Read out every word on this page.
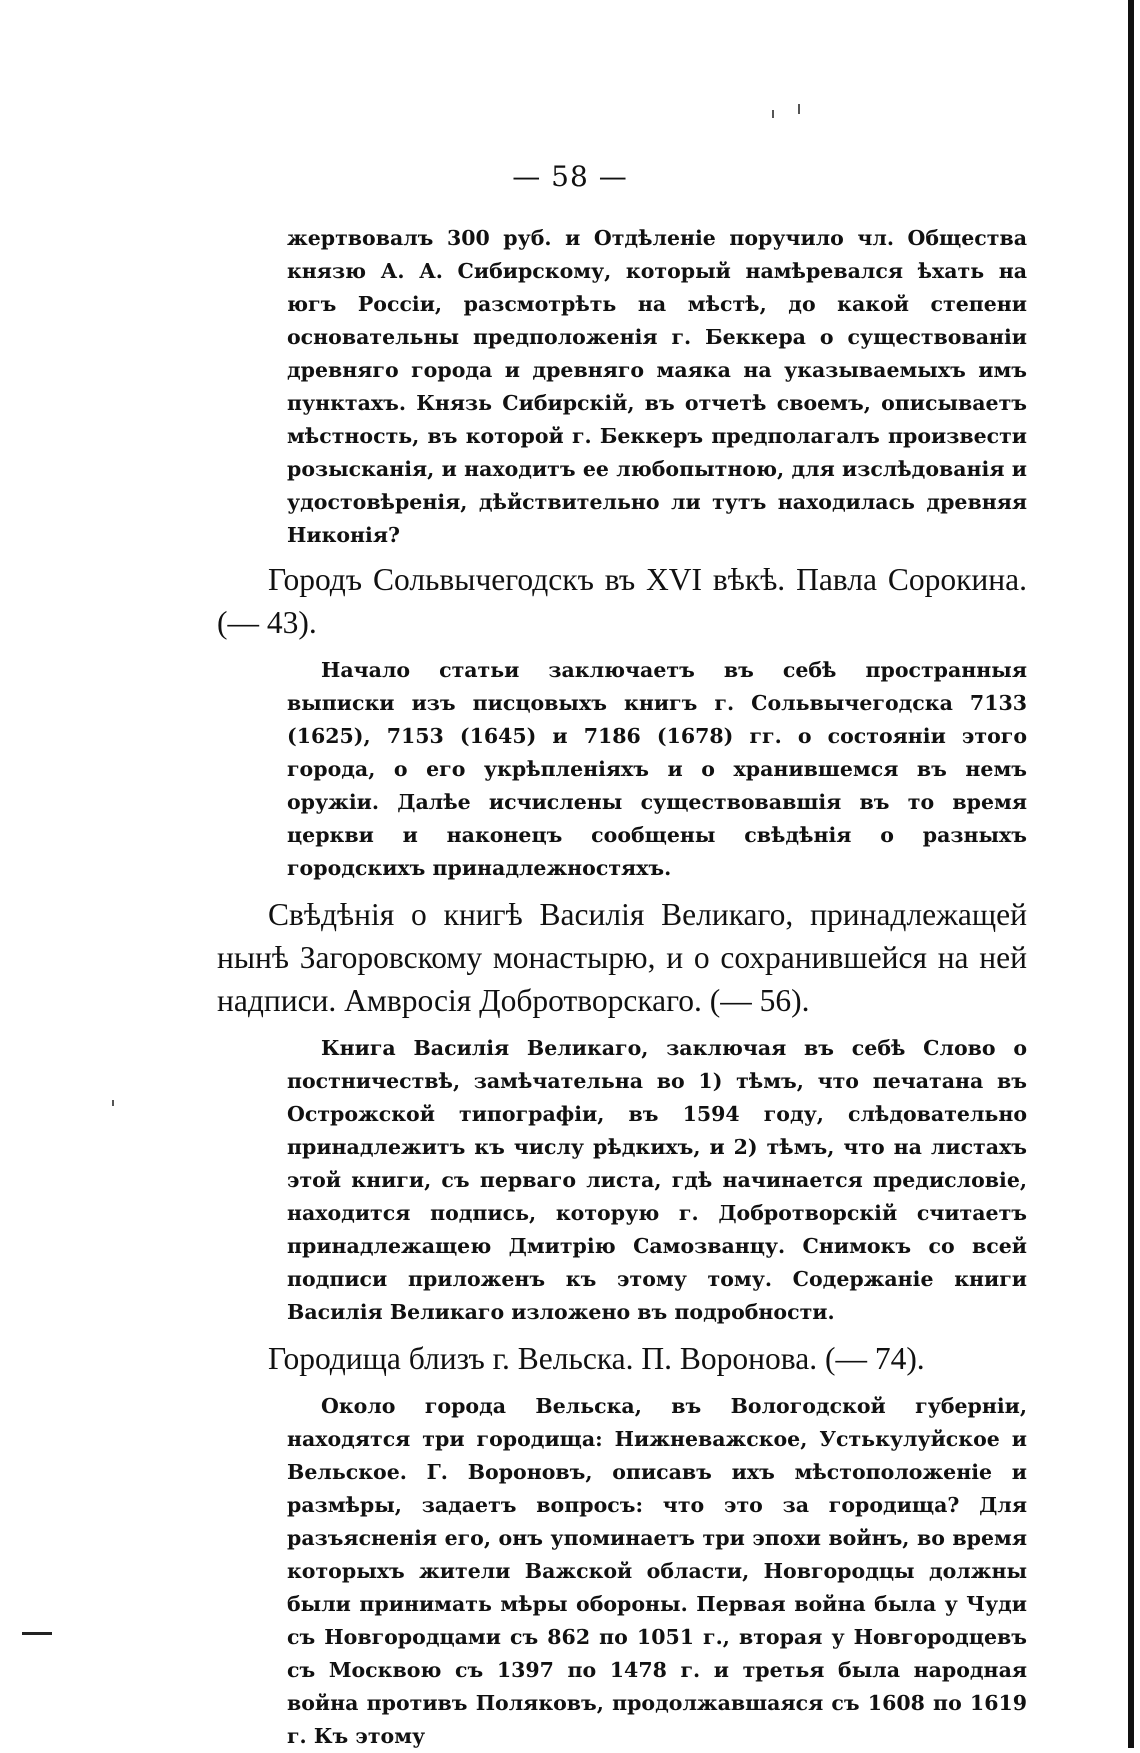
— 58 —

жертвовалъ 300 руб. и Отдѣленіе поручило чл. Общества князю А. А. Сибирскому, который намѣревался ѣхать на югъ Россіи, разсмотрѣть на мѣстѣ, до какой степени основательны предположенія г. Беккера о существованіи древняго города и древняго маяка на указываемыхъ имъ пунктахъ. Князь Сибирскій, въ отчетѣ своемъ, описываетъ мѣстность, въ которой г. Беккеръ предполагалъ произвести розысканія, и находитъ ее любопытною, для изслѣдованія и удостовѣренія, дѣйствительно ли тутъ находилась древняя Никонія?

Городъ Сольвычегодскъ въ XVI вѣкѣ. Павла Сорокина. (— 43).

Начало статьи заключаетъ въ себѣ пространныя выписки изъ писцовыхъ книгъ г. Сольвычегодска 7133 (1625), 7153 (1645) и 7186 (1678) гг. о состояніи этого города, о его укрѣпленіяхъ и о хранившемся въ немъ оружіи. Далѣе исчислены существовавшія въ то время церкви и наконецъ сообщены свѣдѣнія о разныхъ городскихъ принадлежностяхъ.

Свѣдѣнія о книгѣ Василія Великаго, принадлежащей нынѣ Загоровскому монастырю, и о сохранившейся на ней надписи. Амвросія Добротворскаго. (— 56).

Книга Василія Великаго, заключая въ себѣ Слово о постничествѣ, замѣчательна во 1) тѣмъ, что печатана въ Острожской типографіи, въ 1594 году, слѣдовательно принадлежитъ къ числу рѣдкихъ, и 2) тѣмъ, что на листахъ этой книги, съ перваго листа, гдѣ начинается предисловіе, находится подпись, которую г. Добротворскій считаетъ принадлежащею Дмитрію Самозванцу. Снимокъ со всей подписи приложенъ къ этому тому. Содержаніе книги Василія Великаго изложено въ подробности.

Городища близъ г. Вельска. П. Воронова. (— 74).

Около города Вельска, въ Вологодской губерніи, находятся три городища: Нижневажское, Устькулуйское и Вельское. Г. Вороновъ, описавъ ихъ мѣстоположеніе и размѣры, задаетъ вопросъ: что это за городища? Для разъясненія его, онъ упоминаетъ три эпохи войнъ, во время которыхъ жители Важской области, Новгородцы должны были принимать мѣры обороны. Первая война была у Чуди съ Новгородцами съ 862 по 1051 г., вторая у Новгородцевъ съ Москвою съ 1397 по 1478 г. и третья была народная война противъ Поляковъ, продолжавшаяся съ 1608 по 1619 г. Къ этому
